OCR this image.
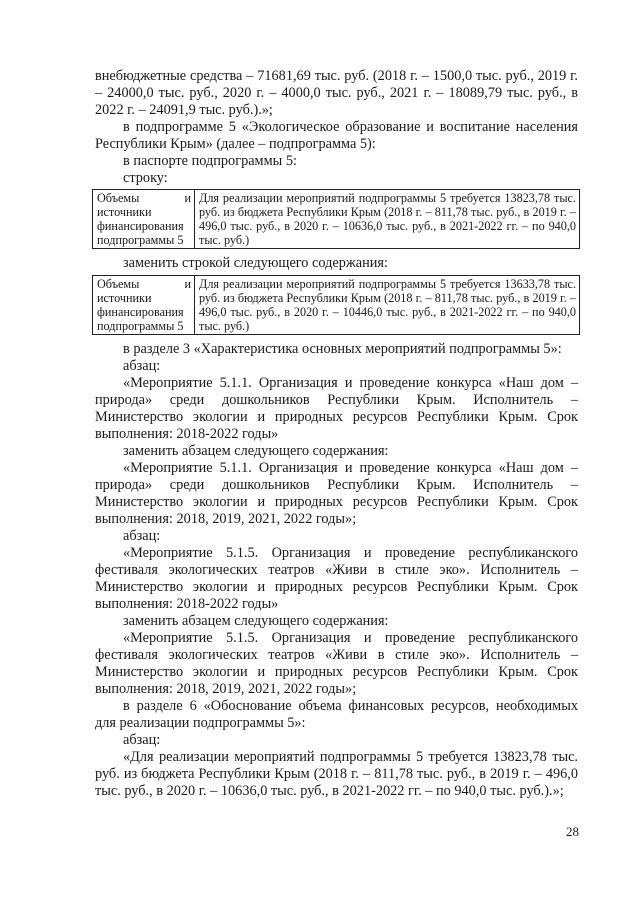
внебюджетные средства – 71681,69 тыс. руб. (2018 г. – 1500,0 тыс. руб., 2019 г. – 24000,0 тыс. руб., 2020 г. – 4000,0 тыс. руб., 2021 г. – 18089,79 тыс. руб., в 2022 г. – 24091,9 тыс. руб.).»;

в подпрограмме 5 «Экологическое образование и воспитание населения Республики Крым» (далее – подпрограмма 5):

в паспорте подпрограммы 5:

строку:

Объемы и
источники
финансирования
подпрограммы 5
	Для реализации мероприятий подпрограммы 5 требуется 13823,78 тыс. руб. из бюджета Республики Крым (2018 г. – 811,78 тыс. руб., в 2019 г. – 496,0 тыс. руб., в 2020 г. – 10636,0 тыс. руб., в 2021-2022 гг. – по 940,0 тыс. руб.)

заменить строкой следующего содержания:

Объемы и
источники
финансирования
подпрограммы 5
	Для реализации мероприятий подпрограммы 5 требуется 13633,78 тыс. руб. из бюджета Республики Крым (2018 г. – 811,78 тыс. руб., в 2019 г. – 496,0 тыс. руб., в 2020 г. – 10446,0 тыс. руб., в 2021-2022 гг. – по 940,0 тыс. руб.)

в разделе 3 «Характеристика основных мероприятий подпрограммы 5»:

абзац:

«Мероприятие 5.1.1. Организация и проведение конкурса «Наш дом – природа» среди дошкольников Республики Крым. Исполнитель – Министерство экологии и природных ресурсов Республики Крым. Срок выполнения: 2018-2022 годы»

заменить абзацем следующего содержания:

«Мероприятие 5.1.1. Организация и проведение конкурса «Наш дом – природа» среди дошкольников Республики Крым. Исполнитель – Министерство экологии и природных ресурсов Республики Крым. Срок выполнения: 2018, 2019, 2021, 2022 годы»;

абзац:

«Мероприятие 5.1.5. Организация и проведение республиканского фестиваля экологических театров «Живи в стиле эко». Исполнитель – Министерство экологии и природных ресурсов Республики Крым. Срок выполнения: 2018-2022 годы»

заменить абзацем следующего содержания:

«Мероприятие 5.1.5. Организация и проведение республиканского фестиваля экологических театров «Живи в стиле эко». Исполнитель – Министерство экологии и природных ресурсов Республики Крым. Срок выполнения: 2018, 2019, 2021, 2022 годы»;

в разделе 6 «Обоснование объема финансовых ресурсов, необходимых для реализации подпрограммы 5»:

абзац:

«Для реализации мероприятий подпрограммы 5 требуется 13823,78 тыс. руб. из бюджета Республики Крым (2018 г. – 811,78 тыс. руб., в 2019 г. – 496,0 тыс. руб., в 2020 г. – 10636,0 тыс. руб., в 2021-2022 гг. – по 940,0 тыс. руб.).»;

28
